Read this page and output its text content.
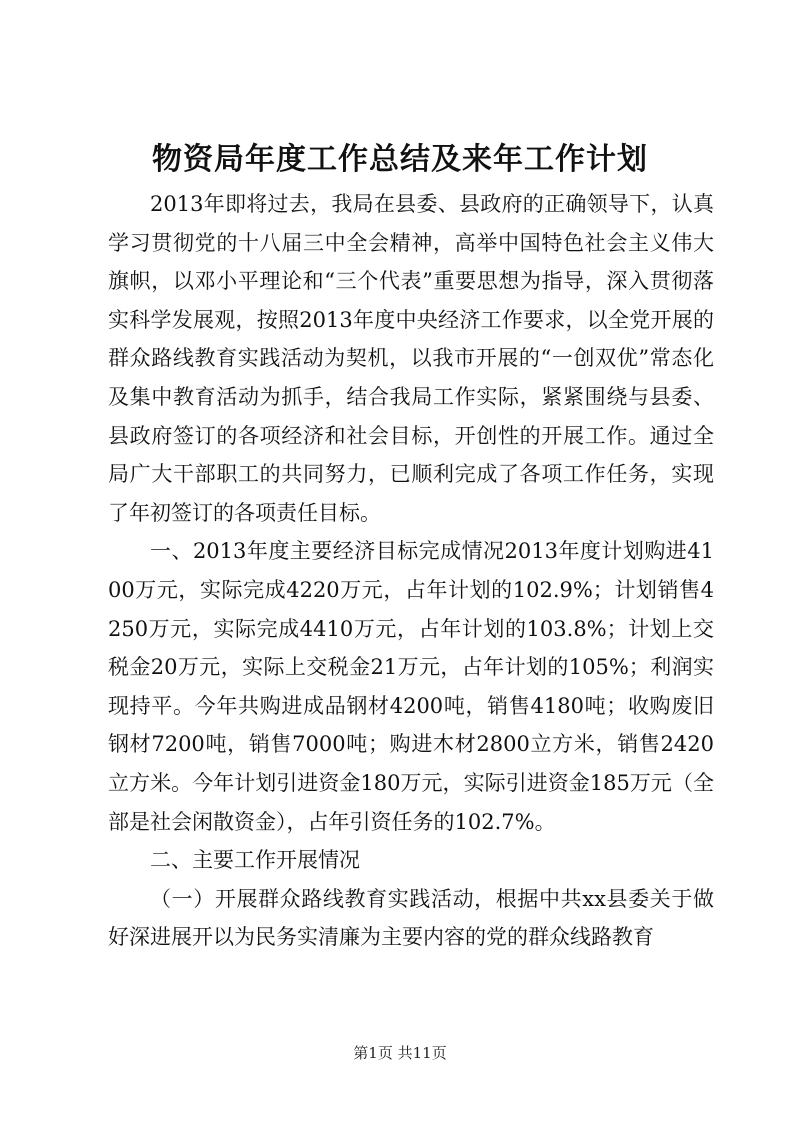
物资局年度工作总结及来年工作计划

2013年即将过去，我局在县委、县政府的正确领导下，认真学习贯彻党的十八届三中全会精神，高举中国特色社会主义伟大旗帜，以邓小平理论和“三个代表”重要思想为指导，深入贯彻落实科学发展观，按照2013年度中央经济工作要求，以全党开展的群众路线教育实践活动为契机，以我市开展的“一创双优”常态化及集中教育活动为抓手，结合我局工作实际，紧紧围绕与县委、县政府签订的各项经济和社会目标，开创性的开展工作。通过全局广大干部职工的共同努力，已顺利完成了各项工作任务，实现了年初签订的各项责任目标。

一、2013年度主要经济目标完成情况2013年度计划购进4100万元，实际完成4220万元，占年计划的102.9%；计划销售4250万元，实际完成4410万元，占年计划的103.8%；计划上交税金20万元，实际上交税金21万元，占年计划的105%；利润实现持平。今年共购进成品钢材4200吨，销售4180吨；收购废旧钢材7200吨，销售7000吨；购进木材2800立方米，销售2420立方米。今年计划引进资金180万元，实际引进资金185万元（全部是社会闲散资金），占年引资任务的102.7%。

二、主要工作开展情况

（一）开展群众路线教育实践活动，根据中共xx县委关于做好深进展开以为民务实清廉为主要内容的党的群众线路教育

第1页 共11页
